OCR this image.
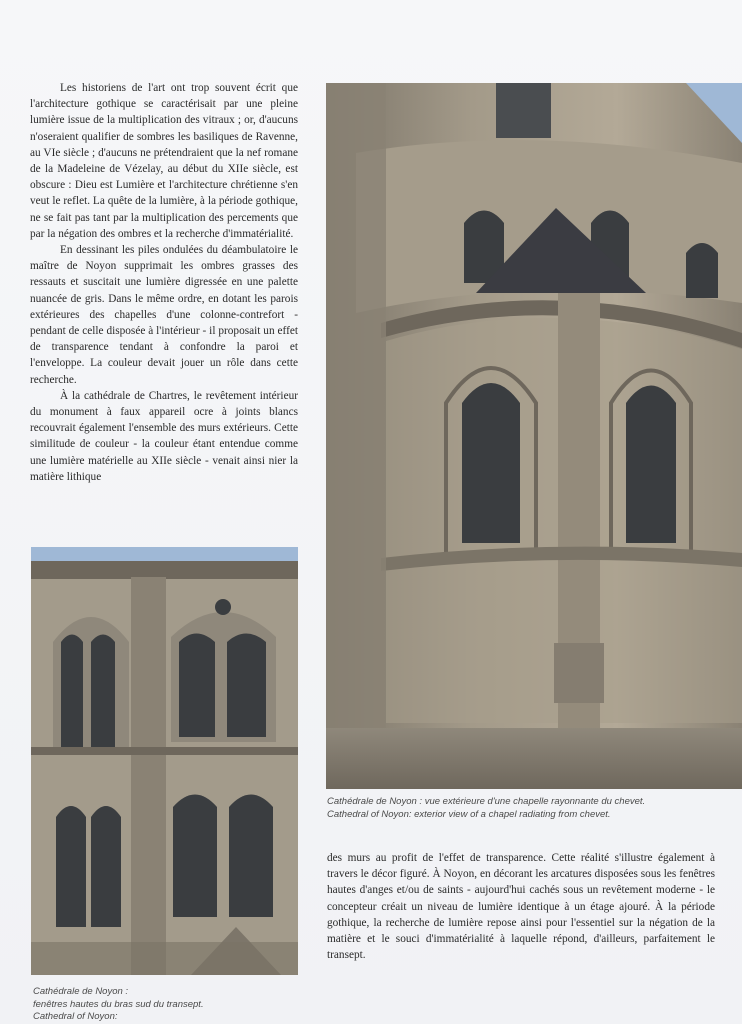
Les historiens de l'art ont trop souvent écrit que l'architecture gothique se caractérisait par une pleine lumière issue de la multiplication des vitraux ; or, d'aucuns n'oseraient qualifier de sombres les basiliques de Ravenne, au VIe siècle ; d'aucuns ne prétendraient que la nef romane de la Madeleine de Vézelay, au début du XIIe siècle, est obscure : Dieu est Lumière et l'architecture chrétienne s'en veut le reflet. La quête de la lumière, à la période gothique, ne se fait pas tant par la multiplication des percements que par la négation des ombres et la recherche d'immatérialité.

En dessinant les piles ondulées du déambulatoire le maître de Noyon supprimait les ombres grasses des ressauts et suscitait une lumière digressée en une palette nuancée de gris. Dans le même ordre, en dotant les parois extérieures des chapelles d'une colonne-contrefort - pendant de celle disposée à l'intérieur - il proposait un effet de transparence tendant à confondre la paroi et l'enveloppe. La couleur devait jouer un rôle dans cette recherche.

À la cathédrale de Chartres, le revêtement intérieur du monument à faux appareil ocre à joints blancs recouvrait également l'ensemble des murs extérieurs. Cette similitude de couleur - la couleur étant entendue comme une lumière matérielle au XIIe siècle - venait ainsi nier la matière lithique

Cathédrale de Noyon : vue extérieure d'une chapelle rayonnante du chevet.
Cathedral of Noyon: exterior view of a chapel radiating from chevet.
Cathédrale de Noyon :
fenêtres hautes du bras sud du transept.
Cathedral of Noyon:

des murs au profit de l'effet de transparence. Cette réalité s'illustre également à travers le décor figuré. À Noyon, en décorant les arcatures disposées sous les fenêtres hautes d'anges et/ou de saints - aujourd'hui cachés sous un revêtement moderne - le concepteur créait un niveau de lumière identique à un étage ajouré. À la période gothique, la recherche de lumière repose ainsi pour l'essentiel sur la négation de la matière et le souci d'immatérialité à laquelle répond, d'ailleurs, parfaitement le transept.
